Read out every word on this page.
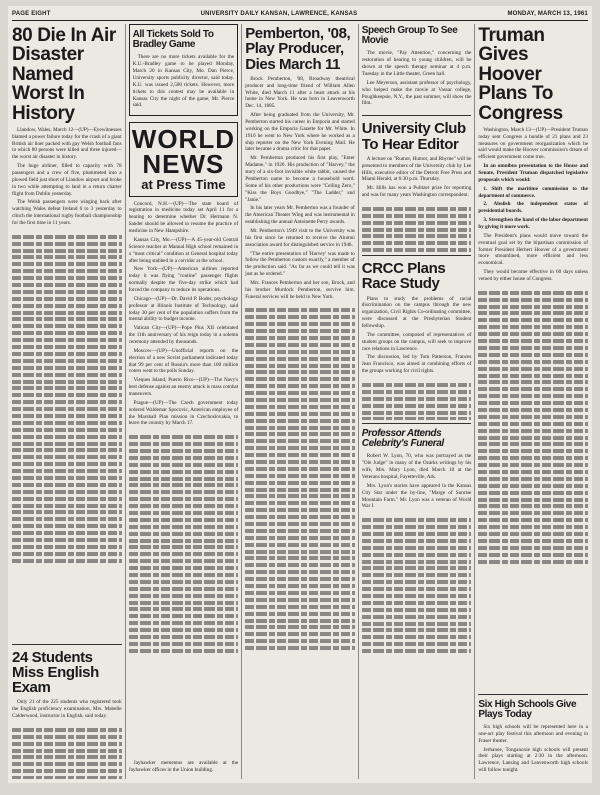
PAGE EIGHT	UNIVERSITY DAILY KANSAN, LAWRENCE, KANSAS	MONDAY, MARCH 13, 1961
80 Die In Air Disaster Named Worst In History

Llandow, Wales, March 12—(UP)—Eyewitnesses blamed a power failure today for the crash of a giant British air liner packed with gay Welsh football fans in which 80 persons were killed and three injured—the worst air disaster in history.

The huge airliner, filled to capacity with 78 passengers and a crew of five, plummeted into a plowed field just short of Llandow airport and broke in two while attempting to land in a return charter flight from Dublin yesterday.

The Welsh passengers were winging back after watching Wales defeat Ireland 6 to 3 yesterday to clinch the international rugby football championship for the first time in 11 years.

24 Students Miss English Exam

Only 21 of the 225 students who registered took the English proficiency examination, Mrs. Mabelle Calderwood, instructor in English, said today.

All Tickets Sold To Bradley Game

There are no more tickets available for the K.U.-Bradley game to be played Monday, March 20 in Kansas City, Mo. Dan Pierce, University sports publicity director, said today. K.U. was issued 2,500 tickets. However, more tickets to this contest may be available in Kansas City the night of the game, Mr. Pierce said.

WORLD NEWS
at Press Time

Concord, N.H.—(UP)—The state board of registration in medicine today set April 11 for a hearing to determine whether Dr. Hermann N. Sander should be allowed to resume the practice of medicine in New Hampshire.

Kansas City, Mo.—(UP)—A 45-year-old Central Science teacher at Manual High school remained in a "most critical" condition at General hospital today after being stabbed in a corridor at the school.

New York—(UP)—American airlines reported today it was flying "routine" passenger flights normally despite the five-day strike which had forced the company to reduce its operations.

Chicago—(UP)—Dr. David P. Boder, psychology professor at Illinois Institute of Technology, said today 30 per cent of the population suffers from the mental ability to budget income.

Vatican City—(UP)—Pope Pius XII celebrated the 11th anniversary of his reign today in a solemn ceremony attended by thousands.

Moscow—(UP)—Unofficial reports on the election of a new Soviet parliament indicated today that 99 per cent of Russia's more than 100 million voters went to the polls Sunday.

Vieques Island, Puerto Rico—(UP)—The Navy's best defense against an enemy attack is mass combat maneuvers.

Prague—(UP)—The Czech government today ordered Waldemar Spocovic, American employee of the Marshall Plan mission in Czechoslovakia, to leave the country by March 17.

Jayhawker mementos are available at the Jayhawker offices in the Union building.

Pemberton, '08, Play Producer, Dies March 11

Brock Pemberton, '08, Broadway theatrical producer and long-time friend of William Allen White, died March 11 after a heart attack at his home in New York. He was born in Leavenworth Dec. 14, 1885.

After being graduated from the University, Mr. Pemberton started his career in Emporia and started working on the Emporia Gazette for Mr. White. In 1910 he went to New York where he worked as a ship reporter on the New York Evening Mail. He later became a drama critic for that paper.

Mr. Pemberton produced his first play, "Enter Madame," in 1920. His production of "Harvey," the story of a six-foot invisible white rabbit, caused the Pemberton name to become a household word. Some of his other productions were "Ceiling Zero," "Kiss the Boys Goodbye," "The Ladder," and "Janie."

In his later years Mr. Pemberton was a founder of the American Theater Wing and was instrumental in establishing the annual Antoinette Perry awards.

Mr. Pemberton's 1949 visit to the University was his first since he returned to receive the Alumni association award for distinguished service in 1946.

"The entire presentation of 'Harvey' was made to follow the Pemberton custom exactly," a member of the production said. "As far as we could tell it was just as he ordered."

Mrs. Frances Pemberton and her son, Brock, and his brother Murdock Pemberton, survive him. Funeral services will be held in New York.

Speech Group To See Movie

The movie, "Pay Attention," concerning the restoration of hearing to young children, will be shown at the speech therapy seminar at 4 p.m. Tuesday in the Little theater, Green hall.

Lee Meyerson, assistant professor of psychology, who helped make the movie at Vassar college, Poughkeepsie, N.Y., the past summer, will show the film.

University Club To Hear Editor

A lecture on "Rumor, Humor, and Rhyme" will be presented to members of the University club by Lee Hills, executive editor of the Detroit Free Press and Miami Herald, at 6:30 p.m. Thursday.

Mr. Hills has won a Pulitzer prize for reporting and was for many years Washington correspondent.

CRCC Plans Race Study

Plans to study the problems of racial discrimination on the campus through the new organization, Civil Rights Co-ordinating committee, were discussed at the Presbyterian Student fellowship.

The committee, composed of representatives of student groups on the campus, will seek to improve race relations in Lawrence.

The discussion, led by Tom Patterson, Frances Jean Francisco, was aimed at combining efforts of the groups working for civil rights.

Professor Attends Celebrity's Funeral

Robert W. Lyon, 70, who was portrayed as the "Ole Judge" in many of the Ozarks writings by his wife, Mrs. Mary Lyon, died March 10 at the Veterans hospital, Fayetteville, Ark.

Mrs. Lyon's stories have appeared in the Kansas City Star under the by-line, "Marge of Sunrise Mountain Farm." Mr. Lyon was a veteran of World War I.

Truman Gives Hoover Plans To Congress

Washington, March 13—(UP)—President Truman today sent Congress a bundle of 21 plans and 23 measures on government reorganization which he said would make the Hoover commission's dream of efficient government come true.

In an omnibus presentation to the House and Senate, President Truman dispatched legislative proposals which would:

1. Shift the maritime commission to the department of commerce.

2. Abolish the independent status of presidential boards.

3. Strengthen the hand of the labor department by giving it more work.

The President's plans would move toward the eventual goal set by the bipartisan commission of former President Herbert Hoover of a government more streamlined, more efficient and less economical.

They would become effective in 60 days unless vetoed by either house of Congress.

Six High Schools Give Plays Today

Six high schools will be represented here in a one-act play festival this afternoon and evening in Fraser theater.

Jerhanoe, Tonganoxie high schools will present their plays starting at 2:30 in the afternoon. Lawrence, Lansing and Leavenworth high schools will follow tonight.
